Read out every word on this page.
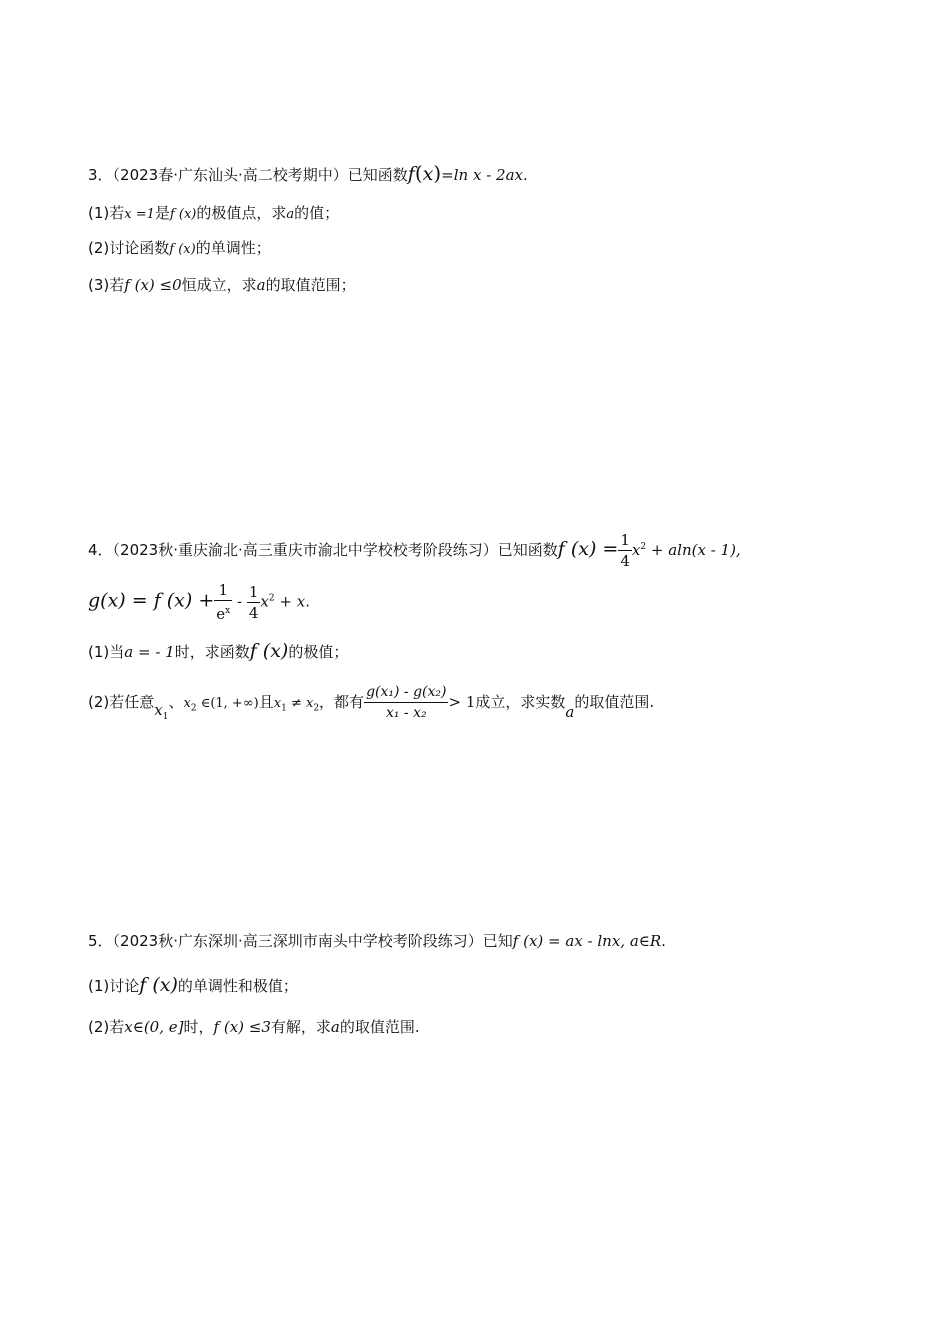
3．（2023春·广东汕头·高二校考期中）已知函数f(x)=ln x - 2ax.
(1)若x =1是f (x)的极值点，求a的值；
(2)讨论函数f (x)的单调性；
(3)若f (x) ≤0恒成立，求a的取值范围；
4．（2023秋·重庆渝北·高三重庆市渝北中学校校考阶段练习）已知函数f $(x) = \frac{1}{4} x^2 + aln(x - 1)$,
g(x) = f $(x) + \frac{1}{e^x} - \frac{1}{4} x^2 + x$.
(1)当a = - 1时，求函数f (x)的极值；
(2)若任意$x_1$、$x_2$ ∈(1, +∞)且$x_1 \ne x_2$，都有 $\frac{\text{g(x₁) - g(x₂)}}{\text{x₁ - x₂}} > 1$成立，求实数a的取值范围.
5．（2023秋·广东深圳·高三深圳市南头中学校考阶段练习）已知f (x) = ax - lnx, a∈R.
(1)讨论f (x)的单调性和极值；
(2)若x∈(0, e]时，f (x) ≤3有解，求a的取值范围.
